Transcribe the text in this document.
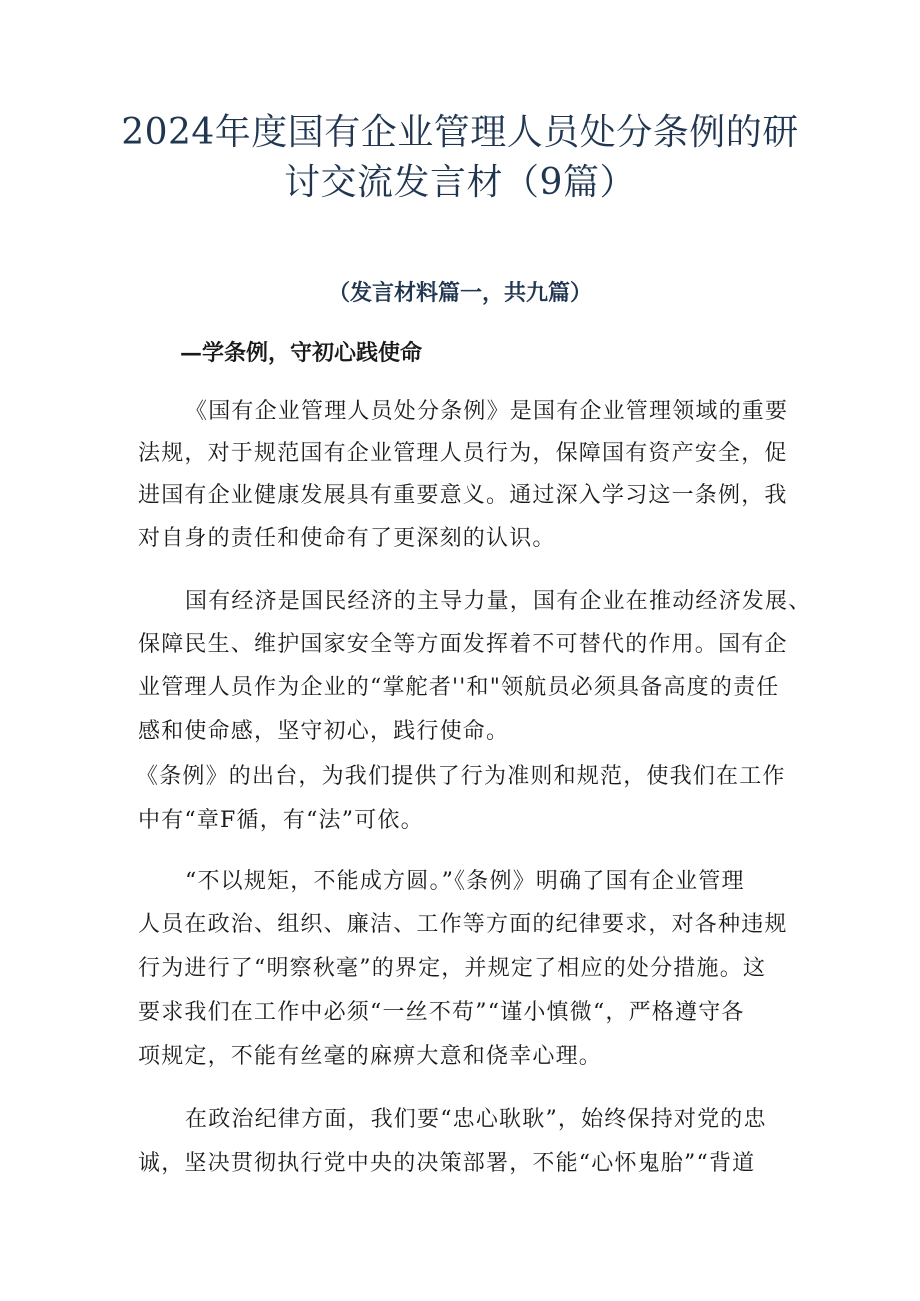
2024年度国有企业管理人员处分条例的研
讨交流发言材（9篇）
（发言材料篇一，共九篇）
—学条例，守初心践使命
《国有企业管理人员处分条例》是国有企业管理领域的重要
法规，对于规范国有企业管理人员行为，保障国有资产安全，促
进国有企业健康发展具有重要意义。通过深入学习这一条例，我
对自身的责任和使命有了更深刻的认识。
国有经济是国民经济的主导力量，国有企业在推动经济发展、
保障民生、维护国家安全等方面发挥着不可替代的作用。国有企
业管理人员作为企业的“掌舵者''和"领航员必须具备高度的责任
感和使命感，坚守初心，践行使命。
《条例》的出台，为我们提供了行为准则和规范，使我们在工作
中有“章F循，有“法”可依。
“不以规矩，不能成方圆。”《条例》明确了国有企业管理
人员在政治、组织、廉洁、工作等方面的纪律要求，对各种违规
行为进行了“明察秋毫”的界定，并规定了相应的处分措施。这
要求我们在工作中必须“一丝不苟”“谨小慎微“，严格遵守各
项规定，不能有丝毫的麻痹大意和侥幸心理。
在政治纪律方面，我们要“忠心耿耿”，始终保持对党的忠
诚，坚决贯彻执行党中央的决策部署，不能“心怀鬼胎”“背道
